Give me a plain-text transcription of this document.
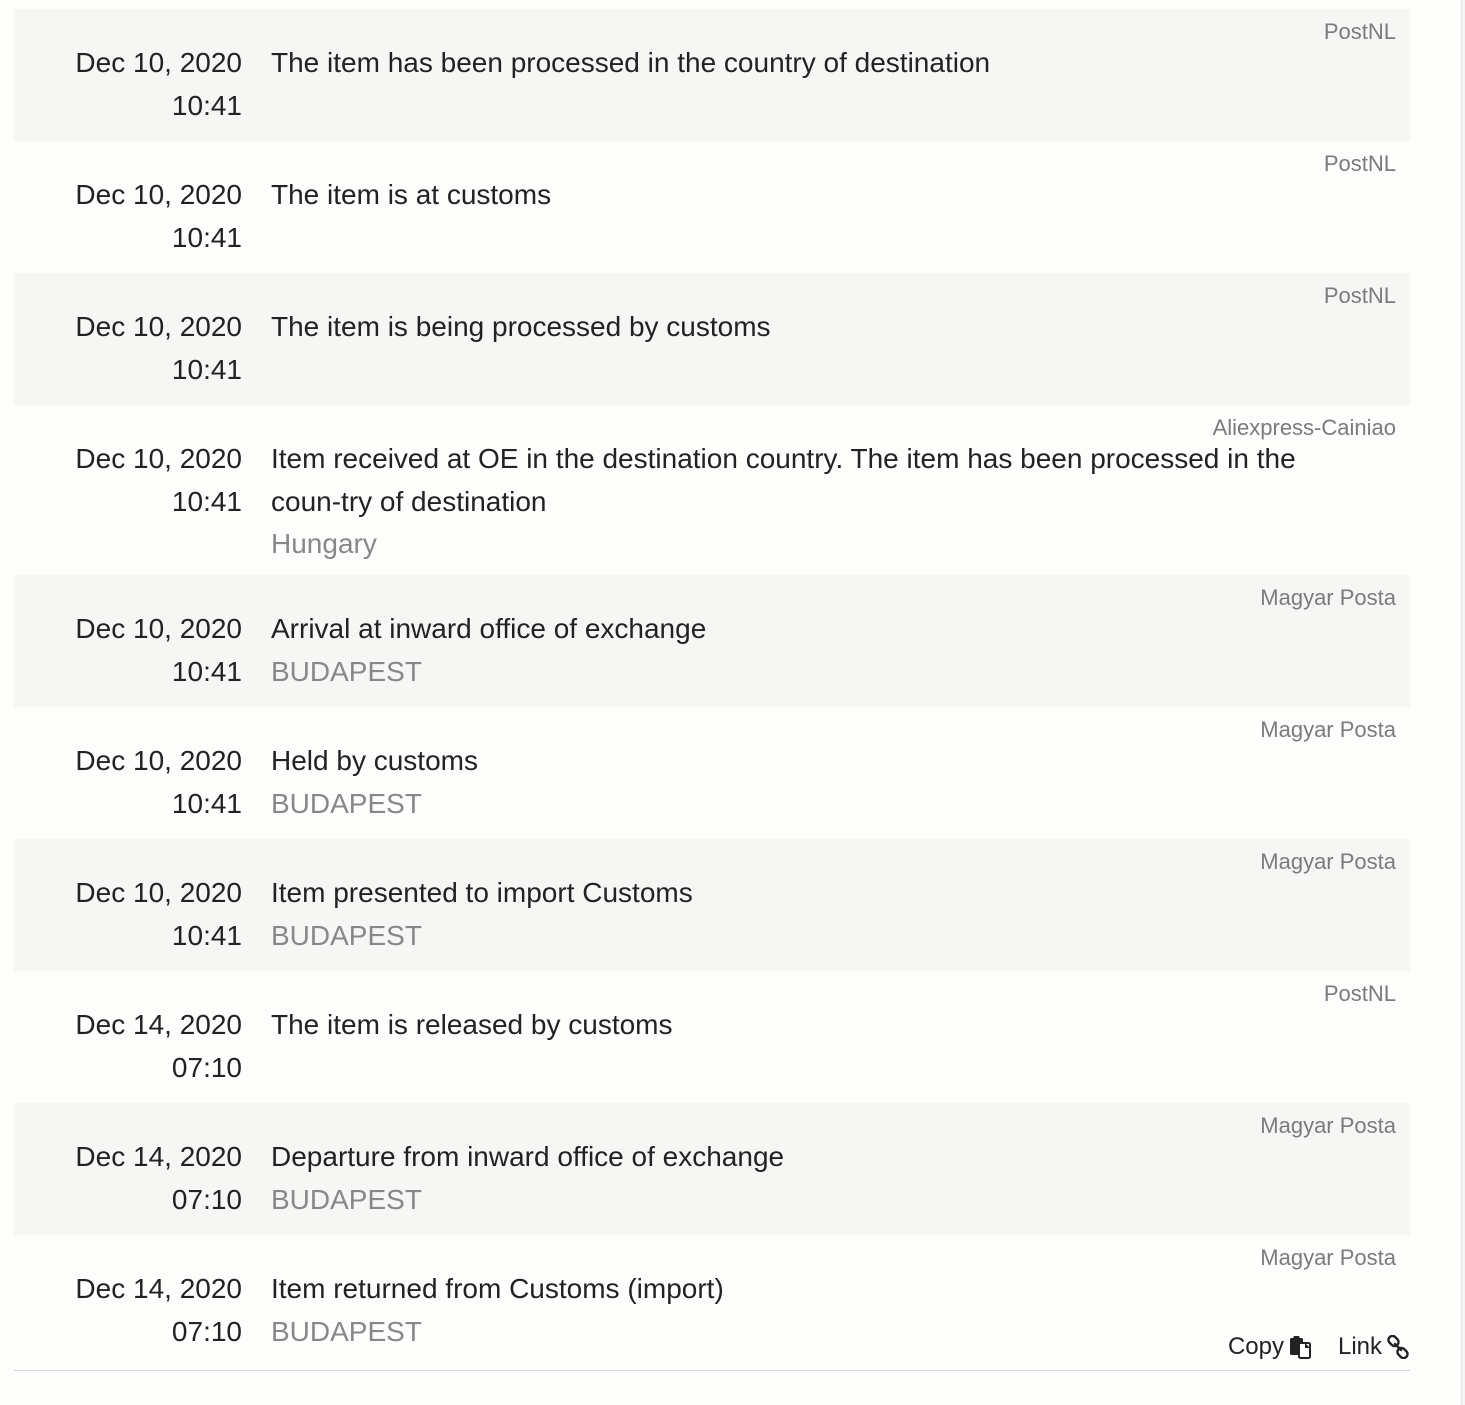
PostNL
Dec 10, 2020
10:41
The item has been processed in the country of destination
PostNL
Dec 10, 2020
10:41
The item is at customs
PostNL
Dec 10, 2020
10:41
The item is being processed by customs
Aliexpress-Cainiao
Dec 10, 2020
10:41
Item received at OE in the destination country. The item has been processed in the coun-try of destination
Hungary
Magyar Posta
Dec 10, 2020
10:41
Arrival at inward office of exchange
BUDAPEST
Magyar Posta
Dec 10, 2020
10:41
Held by customs
BUDAPEST
Magyar Posta
Dec 10, 2020
10:41
Item presented to import Customs
BUDAPEST
PostNL
Dec 14, 2020
07:10
The item is released by customs
Magyar Posta
Dec 14, 2020
07:10
Departure from inward office of exchange
BUDAPEST
Magyar Posta
Dec 14, 2020
07:10
Item returned from Customs (import)
BUDAPEST	Copy Link
